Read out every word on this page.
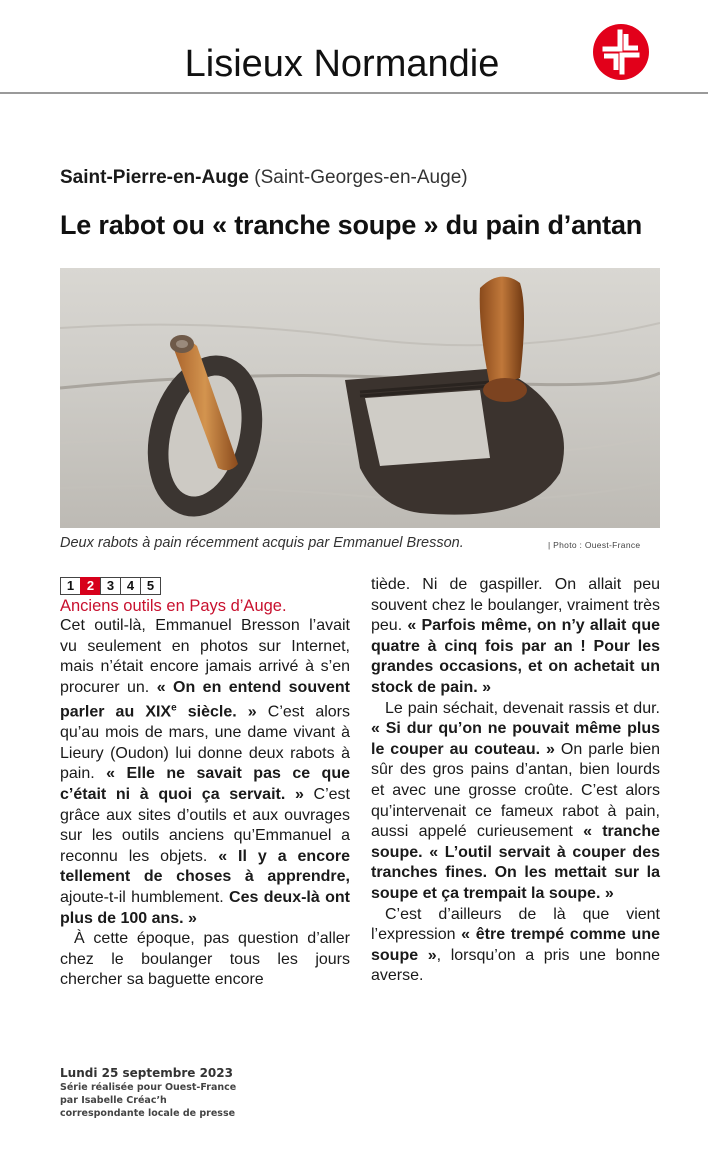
Lisieux Normandie
Saint-Pierre-en-Auge (Saint-Georges-en-Auge)
Le rabot ou « tranche soupe » du pain d’antan
Deux rabots à pain récemment acquis par Emmanuel Bresson.	| Photo : Ouest-France
1 2 3 4 5
Anciens outils en Pays d’Auge.

Cet outil-là, Emmanuel Bresson l’avait vu seulement en photos sur Internet, mais n’était encore jamais arrivé à s’en procurer un. « On en entend souvent parler au XIXe siècle. » C’est alors qu’au mois de mars, une dame vivant à Lieury (Oudon) lui donne deux rabots à pain. « Elle ne savait pas ce que c’était ni à quoi ça servait. » C’est grâce aux sites d’outils et aux ouvrages sur les outils anciens qu’Emmanuel a reconnu les objets. « Il y a encore tellement de choses à apprendre, ajoute-t-il humblement. Ces deux-là ont plus de 100 ans. »

À cette époque, pas question d’aller chez le boulanger tous les jours chercher sa baguette encore

tiède. Ni de gaspiller. On allait peu souvent chez le boulanger, vraiment très peu. « Parfois même, on n’y allait que quatre à cinq fois par an ! Pour les grandes occasions, et on achetait un stock de pain. »

Le pain séchait, devenait rassis et dur. « Si dur qu’on ne pouvait même plus le couper au couteau. » On parle bien sûr des gros pains d’antan, bien lourds et avec une grosse croûte. C’est alors qu’intervenait ce fameux rabot à pain, aussi appelé curieusement « tranche soupe. « L’outil servait à couper des tranches fines. On les mettait sur la soupe et ça trempait la soupe. »

C’est d’ailleurs de là que vient l’expression « être trempé comme une soupe », lorsqu’on a pris une bonne averse.

Lundi 25 septembre 2023
Série réalisée pour Ouest-France
par Isabelle Créac’h
correspondante locale de presse
